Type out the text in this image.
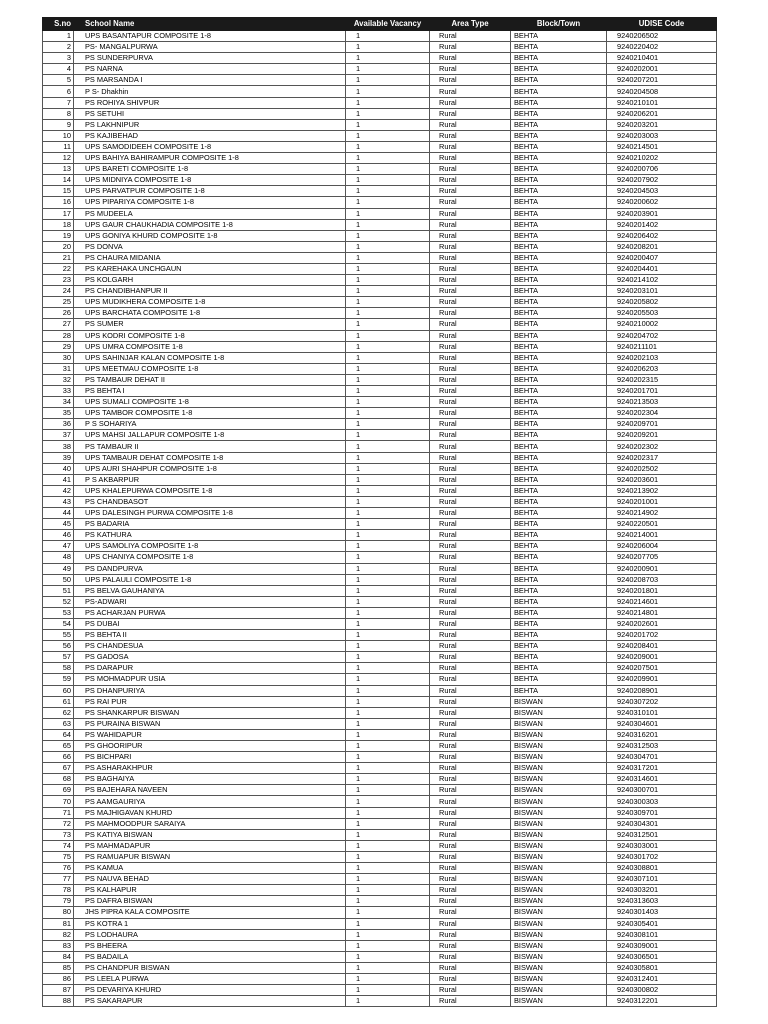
S.no	School Name	Available Vacancy	Area Type	Block/Town	UDISE Code
1	UPS BASANTAPUR COMPOSITE 1-8	1	Rural	BEHTA	9240206502
2	PS- MANGALPURWA	1	Rural	BEHTA	9240220402
3	PS SUNDERPURVA	1	Rural	BEHTA	9240210401
4	PS NARNA	1	Rural	BEHTA	9240202001
5	PS MARSANDA I	1	Rural	BEHTA	9240207201
6	P S- Dhakhin	1	Rural	BEHTA	9240204508
7	PS ROHIYA SHIVPUR	1	Rural	BEHTA	9240210101
8	PS SETUHI	1	Rural	BEHTA	9240206201
9	PS LAKHNIPUR	1	Rural	BEHTA	9240203201
10	PS KAJIBEHAD	1	Rural	BEHTA	9240203003
11	UPS SAMODIDEEH COMPOSITE 1-8	1	Rural	BEHTA	9240214501
12	UPS BAHIYA BAHIRAMPUR COMPOSITE 1-8	1	Rural	BEHTA	9240210202
13	UPS BARETI COMPOSITE 1-8	1	Rural	BEHTA	9240200706
14	UPS MIDNIYA COMPOSITE 1-8	1	Rural	BEHTA	9240207902
15	UPS PARVATPUR COMPOSITE 1-8	1	Rural	BEHTA	9240204503
16	UPS PIPARIYA COMPOSITE 1-8	1	Rural	BEHTA	9240200602
17	PS MUDEELA	1	Rural	BEHTA	9240203901
18	UPS GAUR CHAUKHADIA COMPOSITE 1-8	1	Rural	BEHTA	9240201402
19	UPS GONIYA KHURD COMPOSITE 1-8	1	Rural	BEHTA	9240206402
20	PS DONVA	1	Rural	BEHTA	9240208201
21	PS CHAURA MIDANIA	1	Rural	BEHTA	9240200407
22	PS KAREHAKA UNCHGAUN	1	Rural	BEHTA	9240204401
23	PS KOLGARH	1	Rural	BEHTA	9240214102
24	PS CHANDIBHANPUR II	1	Rural	BEHTA	9240203101
25	UPS MUDIKHERA COMPOSITE 1-8	1	Rural	BEHTA	9240205802
26	UPS BARCHATA COMPOSITE 1-8	1	Rural	BEHTA	9240205503
27	PS SUMER	1	Rural	BEHTA	9240210002
28	UPS KODRI COMPOSITE 1-8	1	Rural	BEHTA	9240204702
29	UPS UMRA COMPOSITE 1-8	1	Rural	BEHTA	9240211101
30	UPS SAHINJAR KALAN COMPOSITE 1-8	1	Rural	BEHTA	9240202103
31	UPS MEETMAU COMPOSITE 1-8	1	Rural	BEHTA	9240206203
32	PS TAMBAUR DEHAT II	1	Rural	BEHTA	9240202315
33	PS BEHTA I	1	Rural	BEHTA	9240201701
34	UPS SUMALI COMPOSITE 1-8	1	Rural	BEHTA	9240213503
35	UPS TAMBOR COMPOSITE 1-8	1	Rural	BEHTA	9240202304
36	P S SOHARIYA	1	Rural	BEHTA	9240209701
37	UPS MAHSI JALLAPUR COMPOSITE 1-8	1	Rural	BEHTA	9240209201
38	PS TAMBAUR II	1	Rural	BEHTA	9240202302
39	UPS TAMBAUR DEHAT COMPOSITE 1-8	1	Rural	BEHTA	9240202317
40	UPS AURI SHAHPUR COMPOSITE 1-8	1	Rural	BEHTA	9240202502
41	P S AKBARPUR	1	Rural	BEHTA	9240203601
42	UPS KHALEPURWA COMPOSITE 1-8	1	Rural	BEHTA	9240213902
43	PS CHANDBASOT	1	Rural	BEHTA	9240201001
44	UPS DALESINGH PURWA COMPOSITE 1-8	1	Rural	BEHTA	9240214902
45	PS BADARIA	1	Rural	BEHTA	9240220501
46	PS KATHURA	1	Rural	BEHTA	9240214001
47	UPS SAMOLIYA COMPOSITE 1-8	1	Rural	BEHTA	9240206004
48	UPS CHANIYA COMPOSITE 1-8	1	Rural	BEHTA	9240207705
49	PS DANDPURVA	1	Rural	BEHTA	9240200901
50	UPS PALAULI COMPOSITE 1-8	1	Rural	BEHTA	9240208703
51	PS BELVA GAUHANIYA	1	Rural	BEHTA	9240201801
52	PS-ADWARI	1	Rural	BEHTA	9240214601
53	PS ACHARJAN PURWA	1	Rural	BEHTA	9240214801
54	PS DUBAI	1	Rural	BEHTA	9240202601
55	PS BEHTA II	1	Rural	BEHTA	9240201702
56	PS CHANDESUA	1	Rural	BEHTA	9240208401
57	PS GADOSA	1	Rural	BEHTA	9240209001
58	PS DARAPUR	1	Rural	BEHTA	9240207501
59	PS MOHMADPUR USIA	1	Rural	BEHTA	9240209901
60	PS DHANPURIYA	1	Rural	BEHTA	9240208901
61	PS RAI PUR	1	Rural	BISWAN	9240307202
62	PS SHANKARPUR BISWAN	1	Rural	BISWAN	9240310101
63	PS PURAINA BISWAN	1	Rural	BISWAN	9240304601
64	PS WAHIDAPUR	1	Rural	BISWAN	9240316201
65	PS GHOORIPUR	1	Rural	BISWAN	9240312503
66	PS BICHPARI	1	Rural	BISWAN	9240304701
67	PS ASHARAKHPUR	1	Rural	BISWAN	9240317201
68	PS BAGHAIYA	1	Rural	BISWAN	9240314601
69	PS BAJEHARA NAVEEN	1	Rural	BISWAN	9240300701
70	PS AAMGAURIYA	1	Rural	BISWAN	9240300303
71	PS MAJHIGAVAN KHURD	1	Rural	BISWAN	9240309701
72	PS MAHMOODPUR SARAIYA	1	Rural	BISWAN	9240304301
73	PS KATIYA BISWAN	1	Rural	BISWAN	9240312501
74	PS MAHMADAPUR	1	Rural	BISWAN	9240303001
75	PS RAMUAPUR BISWAN	1	Rural	BISWAN	9240301702
76	PS KAMUA	1	Rural	BISWAN	9240308801
77	PS NAUVA BEHAD	1	Rural	BISWAN	9240307101
78	PS KALHAPUR	1	Rural	BISWAN	9240303201
79	PS DAFRA BISWAN	1	Rural	BISWAN	9240313603
80	JHS PIPRA KALA COMPOSITE	1	Rural	BISWAN	9240301403
81	PS KOTRA 1	1	Rural	BISWAN	9240305401
82	PS LODHAURA	1	Rural	BISWAN	9240308101
83	PS BHEERA	1	Rural	BISWAN	9240309001
84	PS BADAILA	1	Rural	BISWAN	9240306501
85	PS CHANDPUR BISWAN	1	Rural	BISWAN	9240305801
86	PS LEELA PURWA	1	Rural	BISWAN	9240312401
87	PS DEVARIYA KHURD	1	Rural	BISWAN	9240300802
88	PS SAKARAPUR	1	Rural	BISWAN	9240312201
